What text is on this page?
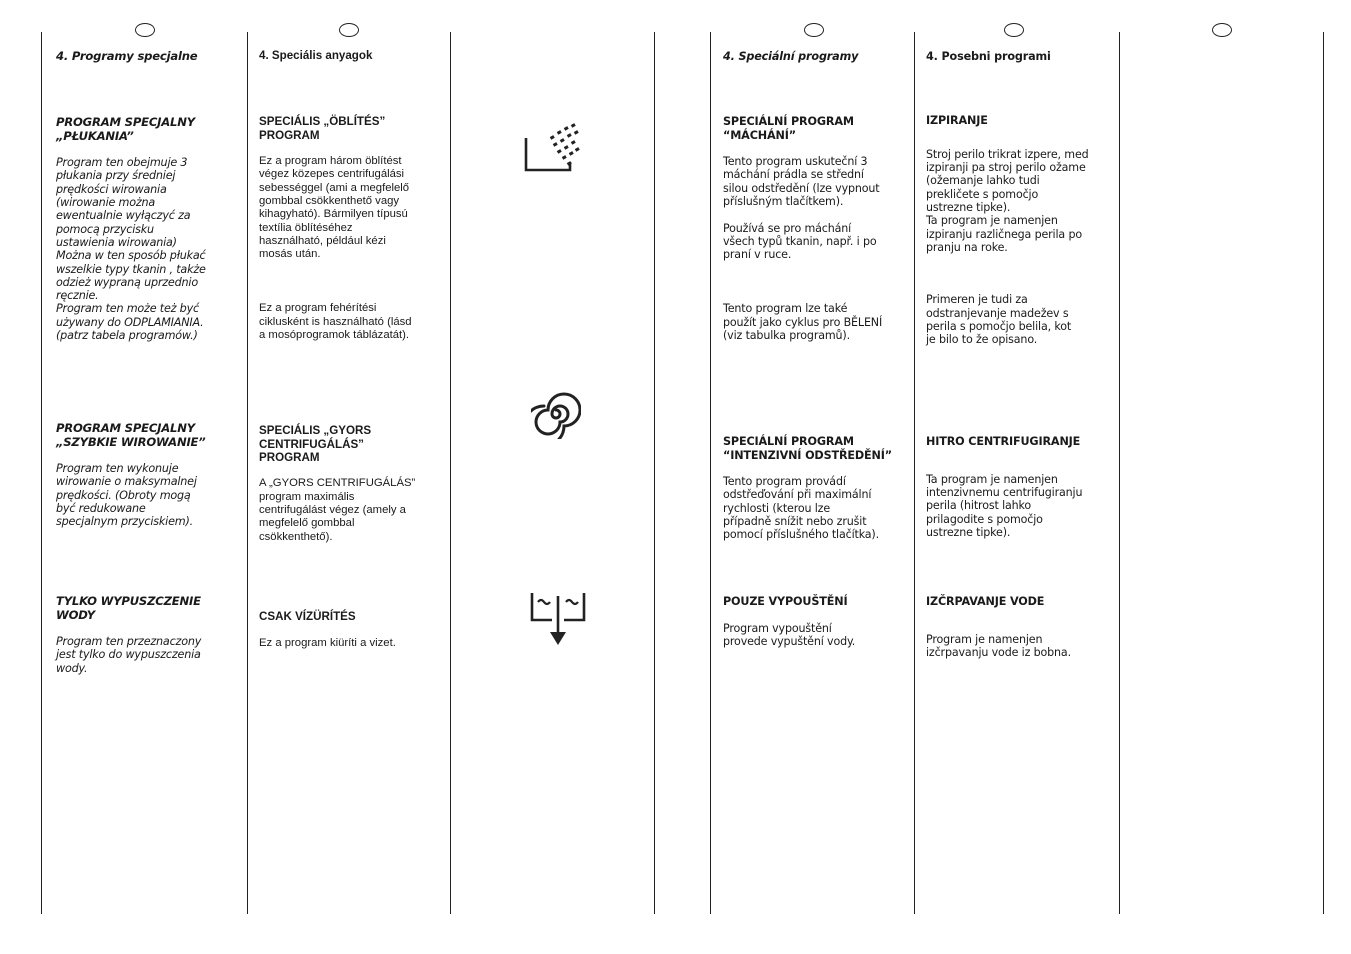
4. Programy specjalne

PROGRAM SPECJALNY
„PŁUKANIA”

Program ten obejmuje 3
płukania przy średniej
prędkości wirowania
(wirowanie można
ewentualnie wyłączyć za
pomocą przycisku
ustawienia wirowania)
Można w ten sposób płukać
wszelkie typy tkanin , także
odzież wypraną uprzednio
ręcznie.
Program ten może też być
używany do ODPLAMIANIA.
(patrz tabela programów.)

PROGRAM SPECJALNY
„SZYBKIE WIROWANIE”

Program ten wykonuje
wirowanie o maksymalnej
prędkości. (Obroty mogą
być redukowane
specjalnym przyciskiem).

TYLKO WYPUSZCZENIE WODY

Program ten przeznaczony
jest tylko do wypuszczenia
wody.

4. Speciális anyagok

SPECIÁLIS „ÖBLÍTÉS”
PROGRAM

Ez a program három öblítést
végez közepes centrifugálási
sebességgel (ami a megfelelő
gombbal csökkenthető vagy
kihagyható). Bármilyen típusú
textília öblítéséhez
használható, például kézi
mosás után.

Ez a program fehérítési
ciklusként is használható (lásd
a mosóprogramok táblázatát).

SPECIÁLIS „GYORS
CENTRIFUGÁLÁS”
PROGRAM

A „GYORS CENTRIFUGÁLÁS”
program maximális
centrifugálást végez (amely a
megfelelő gombbal
csökkenthető).

CSAK VÍZÜRÍTÉS

Ez a program kiüríti a vizet.

4. Speciální programy

SPECIÁLNÍ PROGRAM
“MÁCHÁNÍ”

Tento program uskuteční 3
máchání prádla se střední
silou odstředění (lze vypnout
příslušným tlačítkem).

Používá se pro máchání
všech typů tkanin, např. i po
praní v ruce.

Tento program lze také
použít jako cyklus pro BĚLENÍ
(viz tabulka programů).

SPECIÁLNÍ PROGRAM
“INTENZIVNÍ ODSTŘEDĚNÍ”

Tento program provádí
odstřeďování při maximální
rychlosti (kterou lze
případně snížit nebo zrušit
pomocí příslušného tlačítka).

POUZE VYPOUŠTĚNÍ

Program vypouštění
provede vypuštění vody.

4. Posebni programi

IZPIRANJE

Stroj perilo trikrat izpere, med
izpiranji pa stroj perilo ožame
(ožemanje lahko tudi
prekličete s pomočjo
ustrezne tipke).
Ta program je namenjen
izpiranju različnega perila po
pranju na roke.

Primeren je tudi za
odstranjevanje madežev s
perila s pomočjo belila, kot
je bilo to že opisano.

HITRO CENTRIFUGIRANJE

Ta program je namenjen
intenzivnemu centrifugiranju
perila (hitrost lahko
prilagodite s pomočjo
ustrezne tipke).

IZČRPAVANJE VODE

Program je namenjen
izčrpavanju vode iz bobna.
